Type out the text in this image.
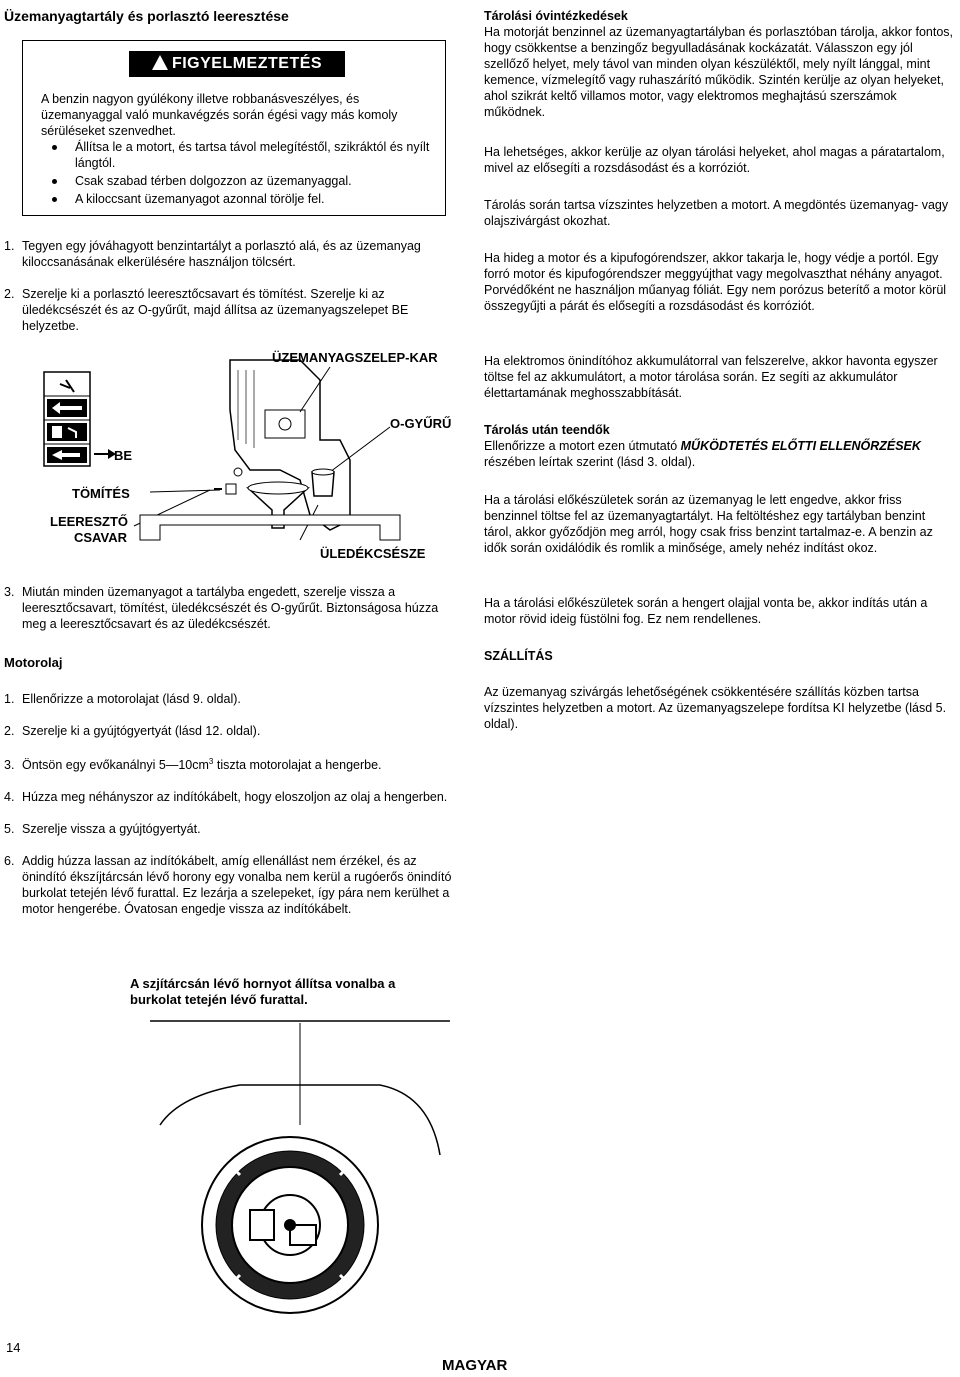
Üzemanyagtartály és porlasztó leeresztése
FIGYELMEZTETÉS

A benzin nagyon gyúlékony illetve robbanásveszélyes, és üzemanyaggal való munkavégzés során égési vagy más komoly sérüléseket szenvedhet.

Állítsa le a motort, és tartsa távol melegítéstől, szikráktól és nyílt lángtól.

Csak szabad térben dolgozzon az üzemanyaggal.

A kiloccsant üzemanyagot azonnal törölje fel.

1. Tegyen egy jóváhagyott benzintartályt a porlasztó alá, és az üzemanyag kiloccsanásának elkerülésére használjon tölcsért.

2. Szerelje ki a porlasztó leeresztőcsavart és tömítést. Szerelje ki az üledékcsészét és az O-gyűrűt, majd állítsa az üzemanyagszelepet BE helyzetbe.

ÜZEMANYAGSZELEP-KAR
O-GYŰRŰ
BE
TÖMÍTÉS
LEERESZTŐ
CSAVAR
ÜLEDÉKCSÉSZE

3. Miután minden üzemanyagot a tartályba engedett, szerelje vissza a leeresztőcsavart, tömítést, üledékcsészét és O-gyűrűt. Biztonságosa húzza meg a leeresztőcsavart és az üledékcsészét.

Motorolaj

1. Ellenőrizze a motorolajat (lásd 9. oldal).

2. Szerelje ki a gyújtógyertyát (lásd 12. oldal).

3. Öntsön egy evőkanálnyi $5—10cm^3$ tiszta motorolajat a hengerbe.

4. Húzza meg néhányszor az indítókábelt, hogy eloszoljon az olaj a hengerben.

5. Szerelje vissza a gyújtógyertyát.

6. Addig húzza lassan az indítókábelt, amíg ellenállást nem érzékel, és az önindító ékszíjtárcsán lévő horony egy vonalba nem kerül a rugóerős önindító burkolat tetején lévő furattal. Ez lezárja a szelepeket, így pára nem kerülhet a motor hengerébe. Óvatosan engedje vissza az indítókábelt.

A szjítárcsán lévő hornyot állítsa vonalba a burkolat tetején lévő furattal.

Tárolási óvintézkedések

Ha motorját benzinnel az üzemanyagtartályban és porlasztóban tárolja, akkor fontos, hogy csökkentse a benzingőz begyulladásának kockázatát. Válasszon egy jól szellőző helyet, mely távol van minden olyan készüléktől, mely nyílt lánggal, mint kemence, vízmelegítő vagy ruhaszárító működik. Szintén kerülje az olyan helyeket, ahol szikrát keltő villamos motor, vagy elektromos meghajtású szerszámok működnek.

Ha lehetséges, akkor kerülje az olyan tárolási helyeket, ahol magas a páratartalom, mivel az elősegíti a rozsdásodást és a korróziót.
Tárolás során tartsa vízszintes helyzetben a motort. A megdöntés üzemanyag- vagy olajszivárgást okozhat.
Ha hideg a motor és a kipufogórendszer, akkor takarja le, hogy védje a portól. Egy forró motor és kipufogórendszer meggyújthat vagy megolvaszthat néhány anyagot. Porvédőként ne használjon műanyag fóliát. Egy nem porózus beterítő a motor körül összegyűjti a párát és elősegíti a rozsdásodást és korróziót.
Ha elektromos önindítóhoz akkumulátorral van felszerelve, akkor havonta egyszer töltse fel az akkumulátort, a motor tárolása során. Ez segíti az akkumulátor élettartamának meghosszabbítását.

Tárolás után teendők

Ellenőrizze a motort ezen útmutató MŰKÖDTETÉS ELŐTTI ELLENŐRZÉSEK részében leírtak szerint (lásd 3. oldal).

Ha a tárolási előkészületek során az üzemanyag le lett engedve, akkor friss benzinnel töltse fel az üzemanyagtartályt. Ha feltöltéshez egy tartályban benzint tárol, akkor győződjön meg arról, hogy csak friss benzint tartalmaz-e. A benzin az idők során oxidálódik és romlik a minősége, amely nehéz indítást okoz.
Ha a tárolási előkészületek során a hengert olajjal vonta be, akkor indítás után a motor rövid ideig füstölni fog. Ez nem rendellenes.
SZÁLLÍTÁS
Az üzemanyag szivárgás lehetőségének csökkentésére szállítás közben tartsa vízszintes helyzetben a motort. Az üzemanyagszelepe fordítsa KI helyzetbe (lásd 5. oldal).
14
MAGYAR
